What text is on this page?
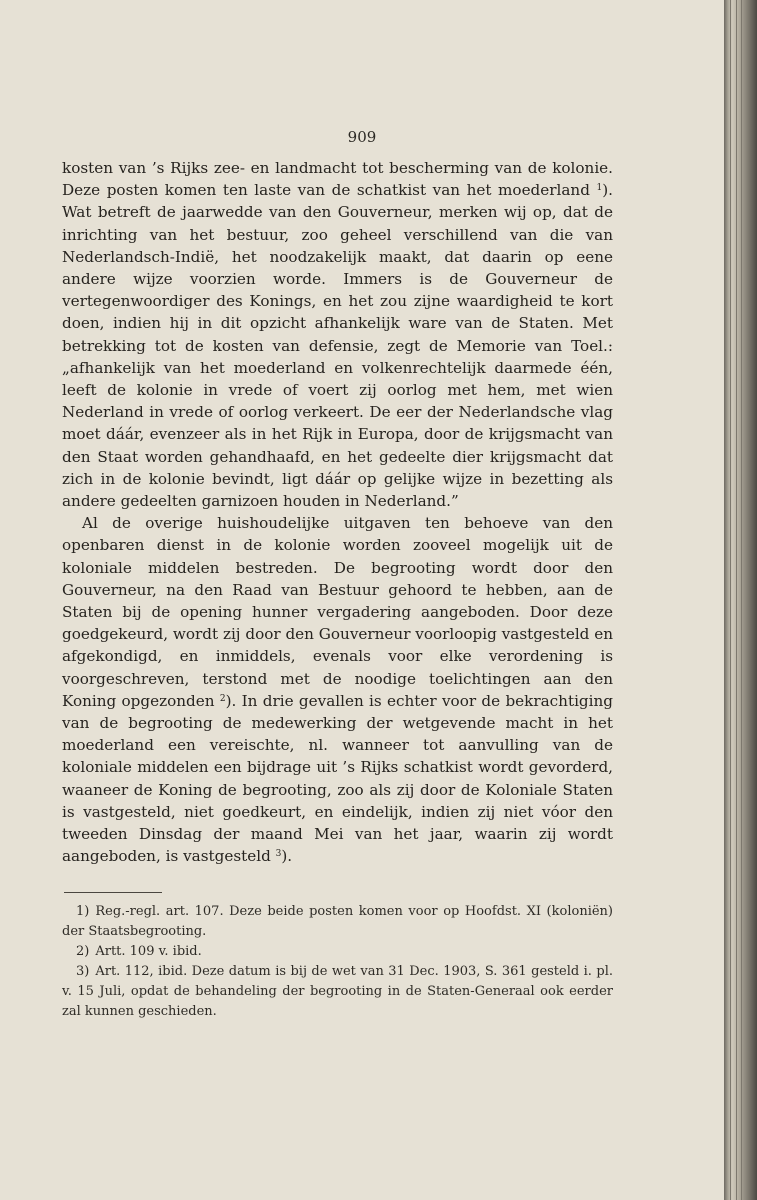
909

kosten van ’s Rijks zee- en landmacht tot bescherming van de kolonie. Deze posten komen ten laste van de schatkist van het moederland $^1$). Wat betreft de jaarwedde van den Gouverneur, merken wij op, dat de inrichting van het bestuur, zoo geheel verschillend van die van Nederlandsch-Indië, het noodzakelijk maakt, dat daarin op eene andere wijze voorzien worde. Immers is de Gouverneur de vertegenwoordiger des Konings, en het zou zijne waardigheid te kort doen, indien hij in dit opzicht afhankelijk ware van de Staten. Met betrekking tot de kosten van defensie, zegt de Memorie van Toel.: „afhankelijk van het moederland en volkenrechtelijk daarmede één, leeft de kolonie in vrede of voert zij oorlog met hem, met wien Nederland in vrede of oorlog verkeert. De eer der Nederlandsche vlag moet dáár, evenzeer als in het Rijk in Europa, door de krijgsmacht van den Staat worden gehandhaafd, en het gedeelte dier krijgsmacht dat zich in de kolonie bevindt, ligt dáár op gelijke wijze in bezetting als andere gedeelten garnizoen houden in Nederland.”

Al de overige huishoudelijke uitgaven ten behoeve van den openbaren dienst in de kolonie worden zooveel mogelijk uit de koloniale middelen bestreden. De begrooting wordt door den Gouverneur, na den Raad van Bestuur gehoord te hebben, aan de Staten bij de opening hunner vergadering aangeboden. Door deze goedgekeurd, wordt zij door den Gouverneur voorloopig vastgesteld en afgekondigd, en inmiddels, evenals voor elke verordening is voorgeschreven, terstond met de noodige toelichtingen aan den Koning opgezonden $^2$). In drie gevallen is echter voor de bekrachtiging van de begrooting de medewerking der wetgevende macht in het moederland een vereischte, nl. wanneer tot aanvulling van de koloniale middelen een bijdrage uit ’s Rijks schatkist wordt gevorderd, waaneer de Koning de begrooting, zoo als zij door de Koloniale Staten is vastgesteld, niet goedkeurt, en eindelijk, indien zij niet vóor den tweeden Dinsdag der maand Mei van het jaar, waarin zij wordt aangeboden, is vastgesteld $^3$).

1) Reg.-regl. art. 107. Deze beide posten komen voor op Hoofdst. XI (koloniën) der Staatsbegrooting.

2) Artt. 109 v. ibid.

3) Art. 112, ibid. Deze datum is bij de wet van 31 Dec. 1903, S. 361 gesteld i. pl. v. 15 Juli, opdat de behandeling der begrooting in de Staten-Generaal ook eerder zal kunnen geschieden.
